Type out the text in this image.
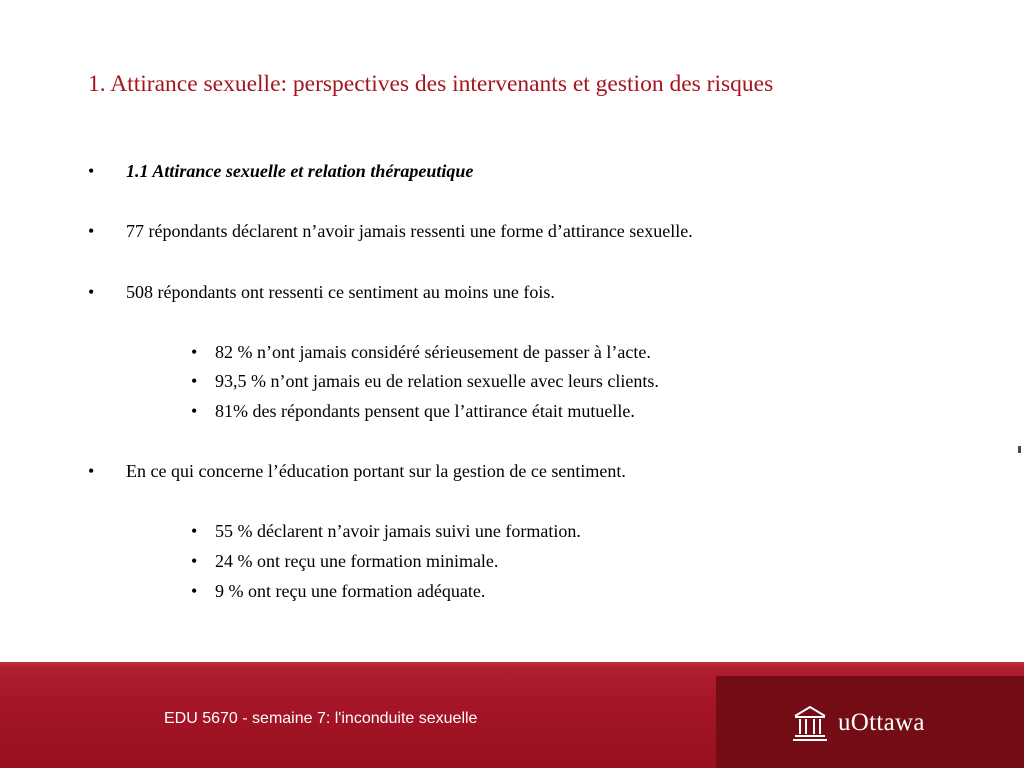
1. Attirance sexuelle: perspectives des intervenants et gestion des risques
• 1.1 Attirance sexuelle et relation thérapeutique
• 77 répondants déclarent n’avoir jamais ressenti une forme d’attirance sexuelle.
• 508 répondants ont ressenti ce sentiment au moins une fois.
• 82 % n’ont jamais considéré sérieusement de passer à l’acte.
• 93,5 % n’ont jamais eu de relation sexuelle avec leurs clients.
• 81% des répondants pensent que l’attirance était mutuelle.
• En ce qui concerne l’éducation portant sur la gestion de ce sentiment.
• 55 % déclarent n’avoir jamais suivi une formation.
• 24 % ont reçu une formation minimale.
• 9 % ont reçu une formation adéquate.
EDU 5670 - semaine 7: l'inconduite sexuelle	uOttawa
